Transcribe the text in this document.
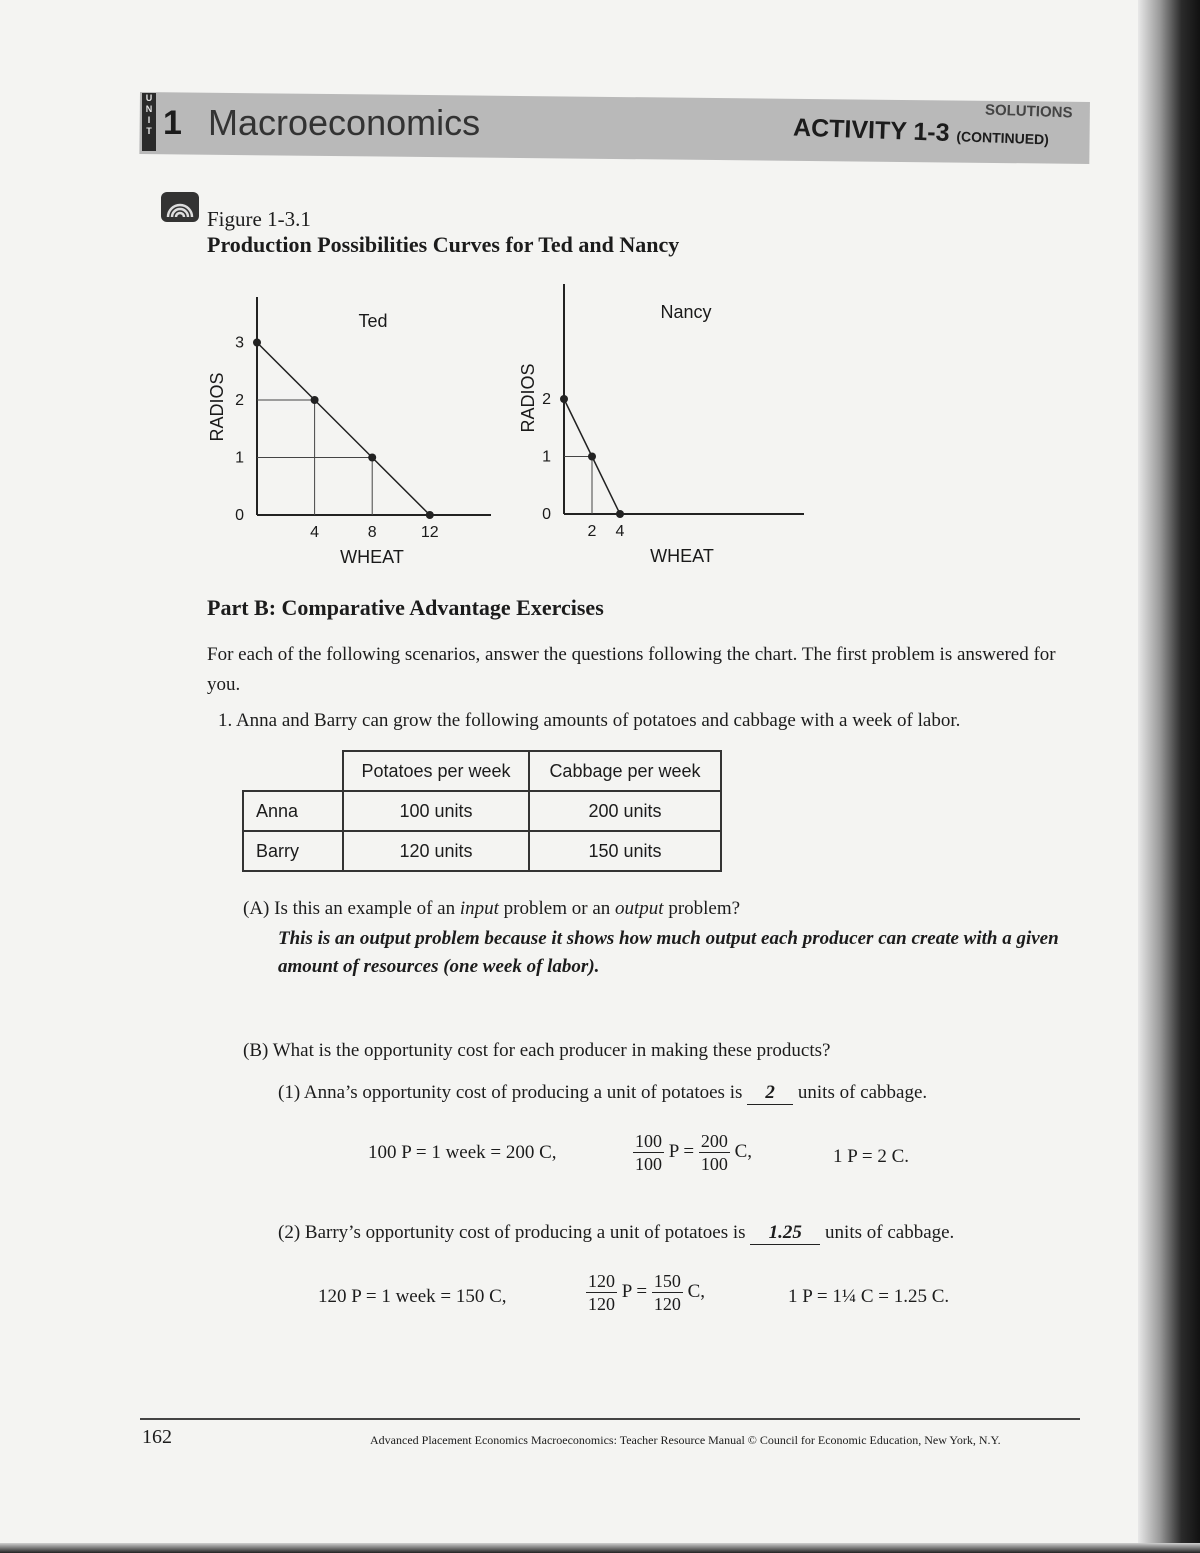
U
N
I
T 1 Macroeconomics	SOLUTIONS
ACTIVITY 1-3 (CONTINUED)
Figure 1-3.1
Production Possibilities Curves for Ted and Nancy
0
1
2
3
4	8	12
WHEAT
RADIOS
Ted
0
1
2
2 4
WHEAT
RADIOS
Nancy
Part B: Comparative Advantage Exercises
For each of the following scenarios, answer the questions following the chart. The first problem is answered for you.
1. Anna and Barry can grow the following amounts of potatoes and cabbage with a week of labor.
	Potatoes per week	Cabbage per week
Anna	100 units	200 units
Barry	120 units	150 units
(A) Is this an example of an input problem or an output problem?
This is an output problem because it shows how much output each producer can create with a given amount of resources (one week of labor).
(B) What is the opportunity cost for each producer in making these products?
(1) Anna’s opportunity cost of producing a unit of potatoes is 2 units of cabbage.
100 P = 1 week = 200 C,	$\frac{100}{100}$ $P = \frac{200}{100} C$,	1 P = 2 C.
(2) Barry’s opportunity cost of producing a unit of potatoes is 1.25 units of cabbage.
120 P = 1 week = 150 C,	$\frac{120}{120}$ $P = \frac{150}{120} C$,	1 P = 1¼ C = 1.25 C.
162	Advanced Placement Economics Macroeconomics: Teacher Resource Manual © Council for Economic Education, New York, N.Y.
